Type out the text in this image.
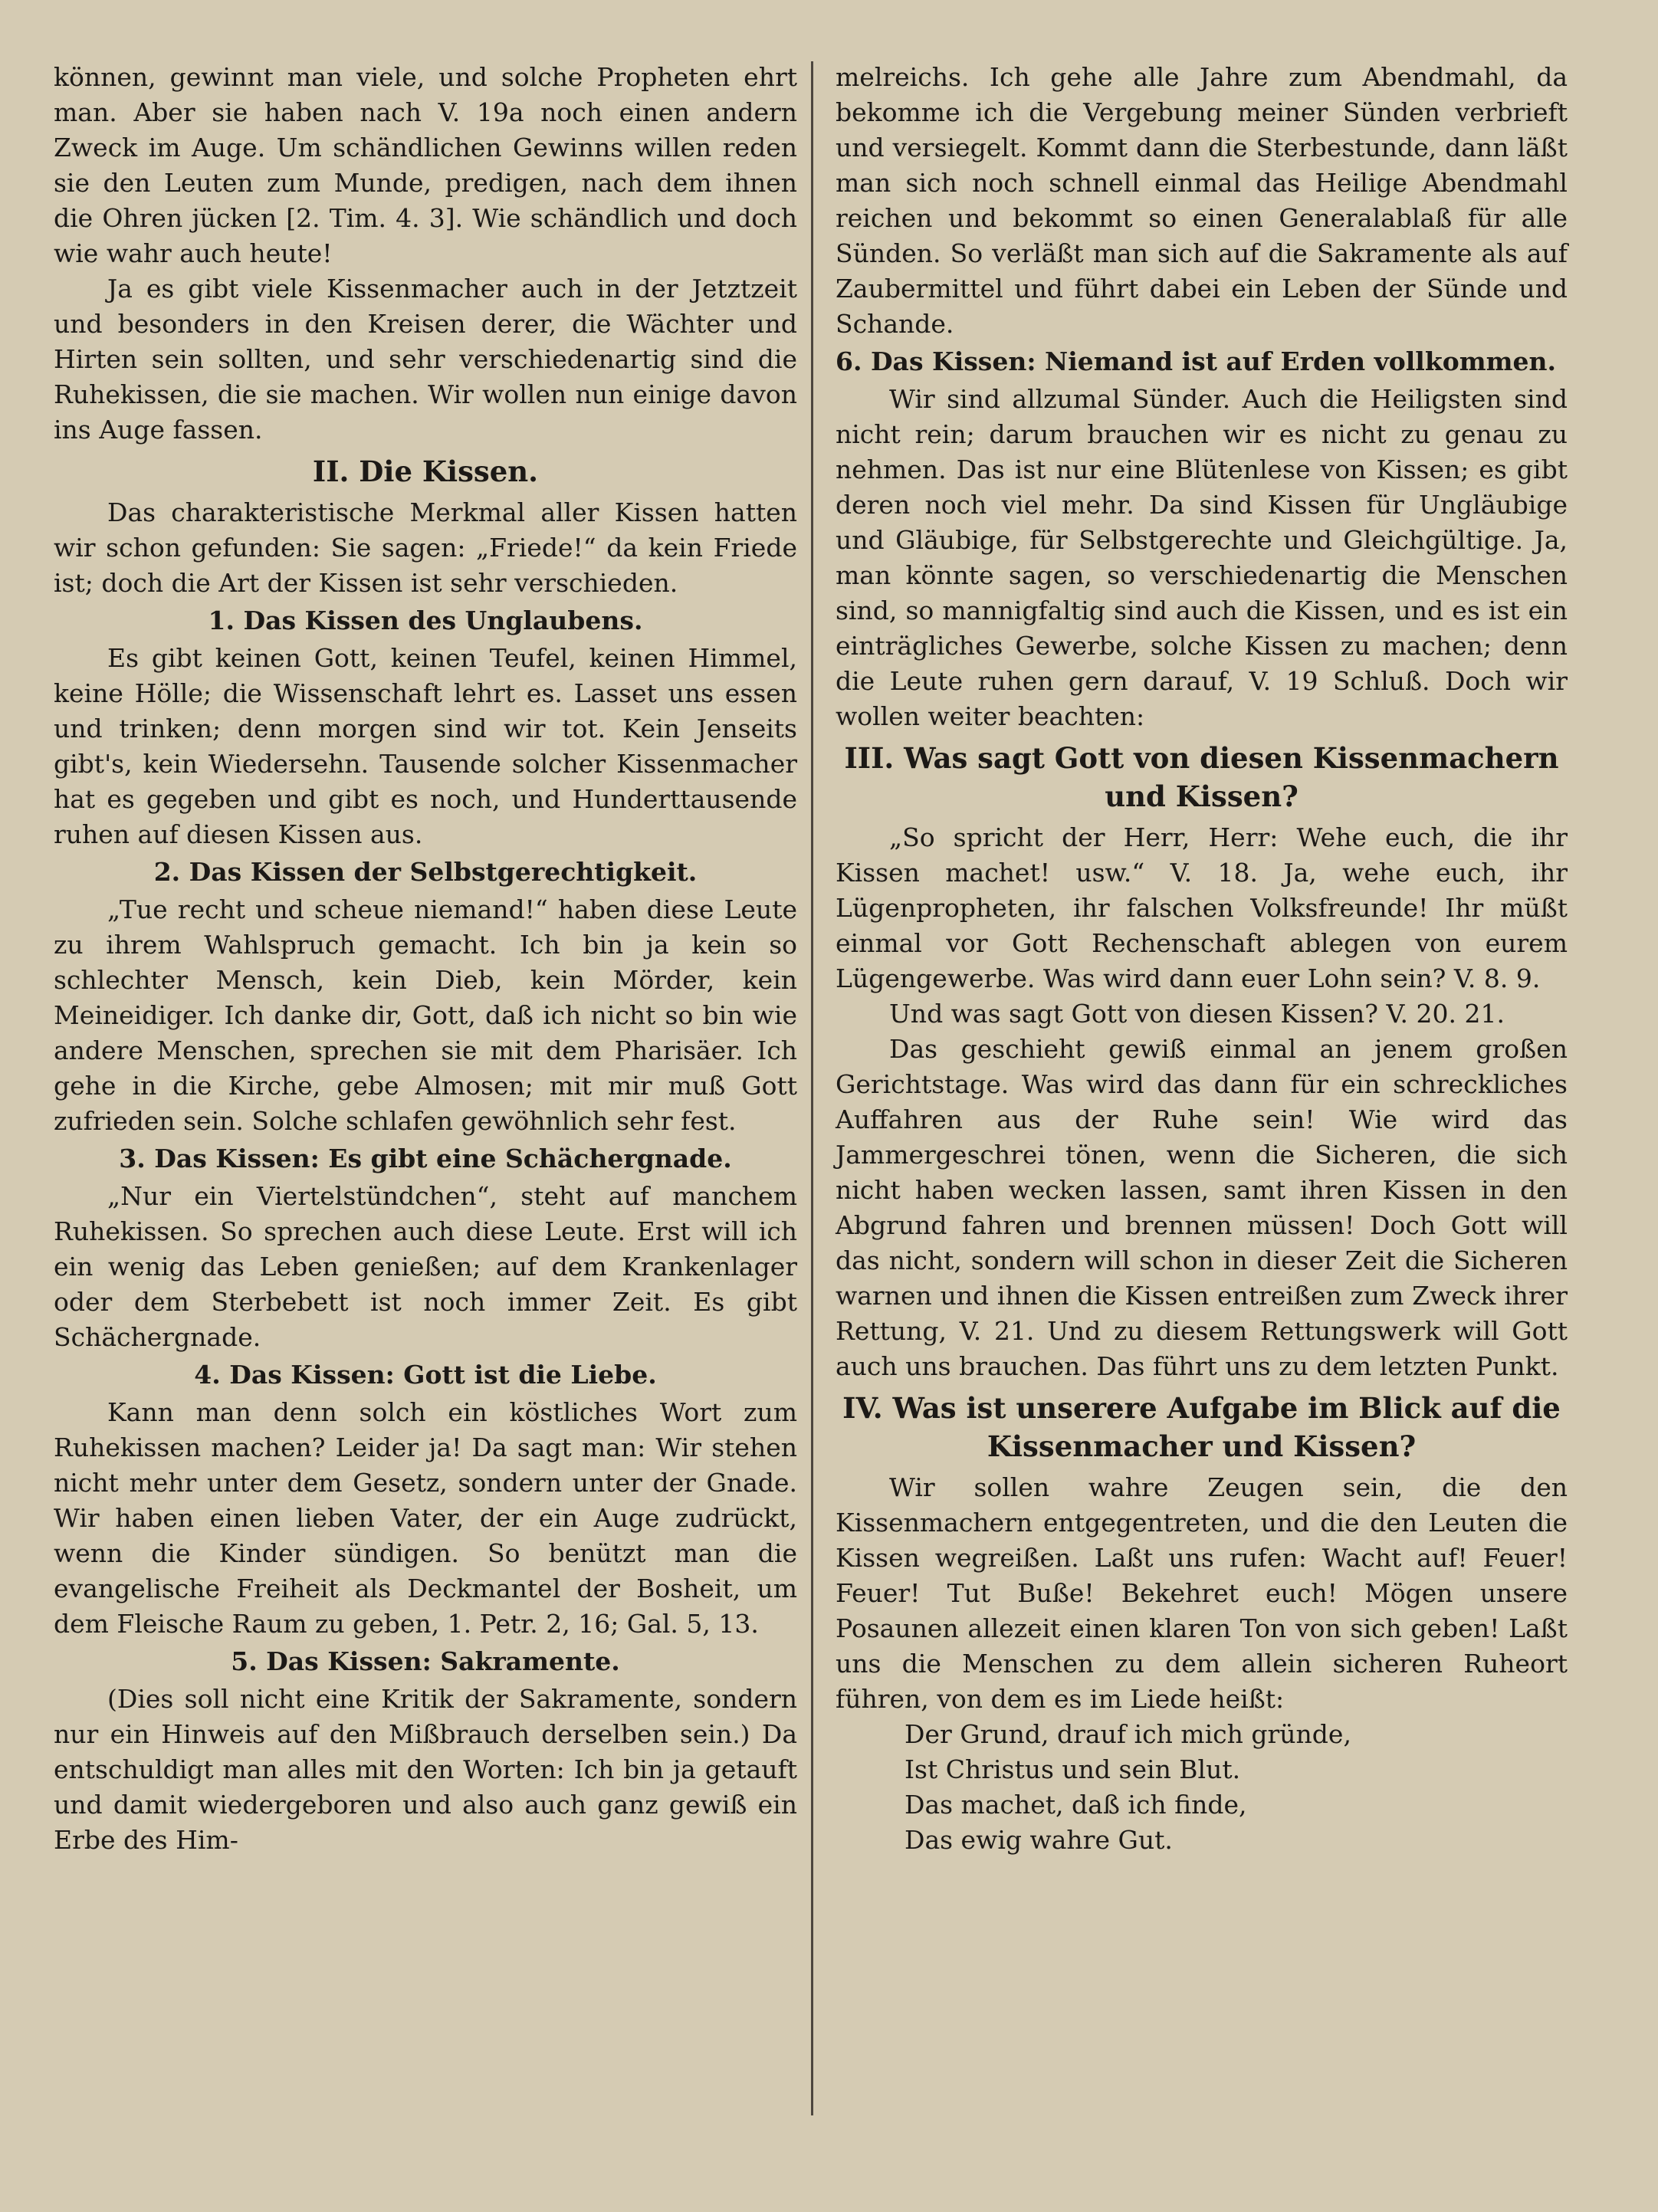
können, gewinnt man viele, und solche Propheten ehrt man. Aber sie haben nach V. 19a noch einen andern Zweck im Auge. Um schändlichen Gewinns willen reden sie den Leuten zum Munde, predigen, nach dem ihnen die Ohren jücken [2. Tim. 4. 3]. Wie schändlich und doch wie wahr auch heute!

Ja es gibt viele Kissenmacher auch in der Jetztzeit und besonders in den Kreisen derer, die Wächter und Hirten sein sollten, und sehr verschiedenartig sind die Ruhekissen, die sie machen. Wir wollen nun einige davon ins Auge fassen.

II. Die Kissen.

Das charakteristische Merkmal aller Kissen hatten wir schon gefunden: Sie sagen: „Friede!“ da kein Friede ist; doch die Art der Kissen ist sehr verschieden.

1. Das Kissen des Unglaubens.

Es gibt keinen Gott, keinen Teufel, keinen Himmel, keine Hölle; die Wissenschaft lehrt es. Lasset uns essen und trinken; denn morgen sind wir tot. Kein Jenseits gibt's, kein Wiedersehn. Tausende solcher Kissenmacher hat es gegeben und gibt es noch, und Hunderttausende ruhen auf diesen Kissen aus.

2. Das Kissen der Selbstgerechtigkeit.

„Tue recht und scheue niemand!“ haben diese Leute zu ihrem Wahlspruch gemacht. Ich bin ja kein so schlechter Mensch, kein Dieb, kein Mörder, kein Meineidiger. Ich danke dir, Gott, daß ich nicht so bin wie andere Menschen, sprechen sie mit dem Pharisäer. Ich gehe in die Kirche, gebe Almosen; mit mir muß Gott zufrieden sein. Solche schlafen gewöhnlich sehr fest.

3. Das Kissen: Es gibt eine Schächergnade.

„Nur ein Viertelstündchen“, steht auf manchem Ruhekissen. So sprechen auch diese Leute. Erst will ich ein wenig das Leben genießen; auf dem Krankenlager oder dem Sterbebett ist noch immer Zeit. Es gibt Schächergnade.

4. Das Kissen: Gott ist die Liebe.

Kann man denn solch ein köstliches Wort zum Ruhekissen machen? Leider ja! Da sagt man: Wir stehen nicht mehr unter dem Gesetz, sondern unter der Gnade. Wir haben einen lieben Vater, der ein Auge zudrückt, wenn die Kinder sündigen. So benützt man die evangelische Freiheit als Deckmantel der Bosheit, um dem Fleische Raum zu geben, 1. Petr. 2, 16; Gal. 5, 13.

5. Das Kissen: Sakramente.

(Dies soll nicht eine Kritik der Sakramente, sondern nur ein Hinweis auf den Mißbrauch derselben sein.) Da entschuldigt man alles mit den Worten: Ich bin ja getauft und damit wiedergeboren und also auch ganz gewiß ein Erbe des Him-

melreichs. Ich gehe alle Jahre zum Abendmahl, da bekomme ich die Vergebung meiner Sünden verbrieft und versiegelt. Kommt dann die Sterbestunde, dann läßt man sich noch schnell einmal das Heilige Abendmahl reichen und bekommt so einen Generalablaß für alle Sünden. So verläßt man sich auf die Sakramente als auf Zaubermittel und führt dabei ein Leben der Sünde und Schande.

6. Das Kissen: Niemand ist auf Erden vollkommen.

Wir sind allzumal Sünder. Auch die Heiligsten sind nicht rein; darum brauchen wir es nicht zu genau zu nehmen. Das ist nur eine Blütenlese von Kissen; es gibt deren noch viel mehr. Da sind Kissen für Ungläubige und Gläubige, für Selbstgerechte und Gleichgültige. Ja, man könnte sagen, so verschiedenartig die Menschen sind, so mannigfaltig sind auch die Kissen, und es ist ein einträgliches Gewerbe, solche Kissen zu machen; denn die Leute ruhen gern darauf, V. 19 Schluß. Doch wir wollen weiter beachten:

III. Was sagt Gott von diesen Kissenmachern und Kissen?

„So spricht der Herr, Herr: Wehe euch, die ihr Kissen machet! usw.“ V. 18. Ja, wehe euch, ihr Lügenpropheten, ihr falschen Volksfreunde! Ihr müßt einmal vor Gott Rechenschaft ablegen von eurem Lügengewerbe. Was wird dann euer Lohn sein? V. 8. 9.

Und was sagt Gott von diesen Kissen? V. 20. 21.

Das geschieht gewiß einmal an jenem großen Gerichtstage. Was wird das dann für ein schreckliches Auffahren aus der Ruhe sein! Wie wird das Jammergeschrei tönen, wenn die Sicheren, die sich nicht haben wecken lassen, samt ihren Kissen in den Abgrund fahren und brennen müssen! Doch Gott will das nicht, sondern will schon in dieser Zeit die Sicheren warnen und ihnen die Kissen entreißen zum Zweck ihrer Rettung, V. 21. Und zu diesem Rettungswerk will Gott auch uns brauchen. Das führt uns zu dem letzten Punkt.

IV. Was ist unserere Aufgabe im Blick auf die Kissenmacher und Kissen?

Wir sollen wahre Zeugen sein, die den Kissenmachern entgegentreten, und die den Leuten die Kissen wegreißen. Laßt uns rufen: Wacht auf! Feuer! Feuer! Tut Buße! Bekehret euch! Mögen unsere Posaunen allezeit einen klaren Ton von sich geben! Laßt uns die Menschen zu dem allein sicheren Ruheort führen, von dem es im Liede heißt:

Der Grund, drauf ich mich gründe,
Ist Christus und sein Blut.
Das machet, daß ich finde,
Das ewig wahre Gut.
